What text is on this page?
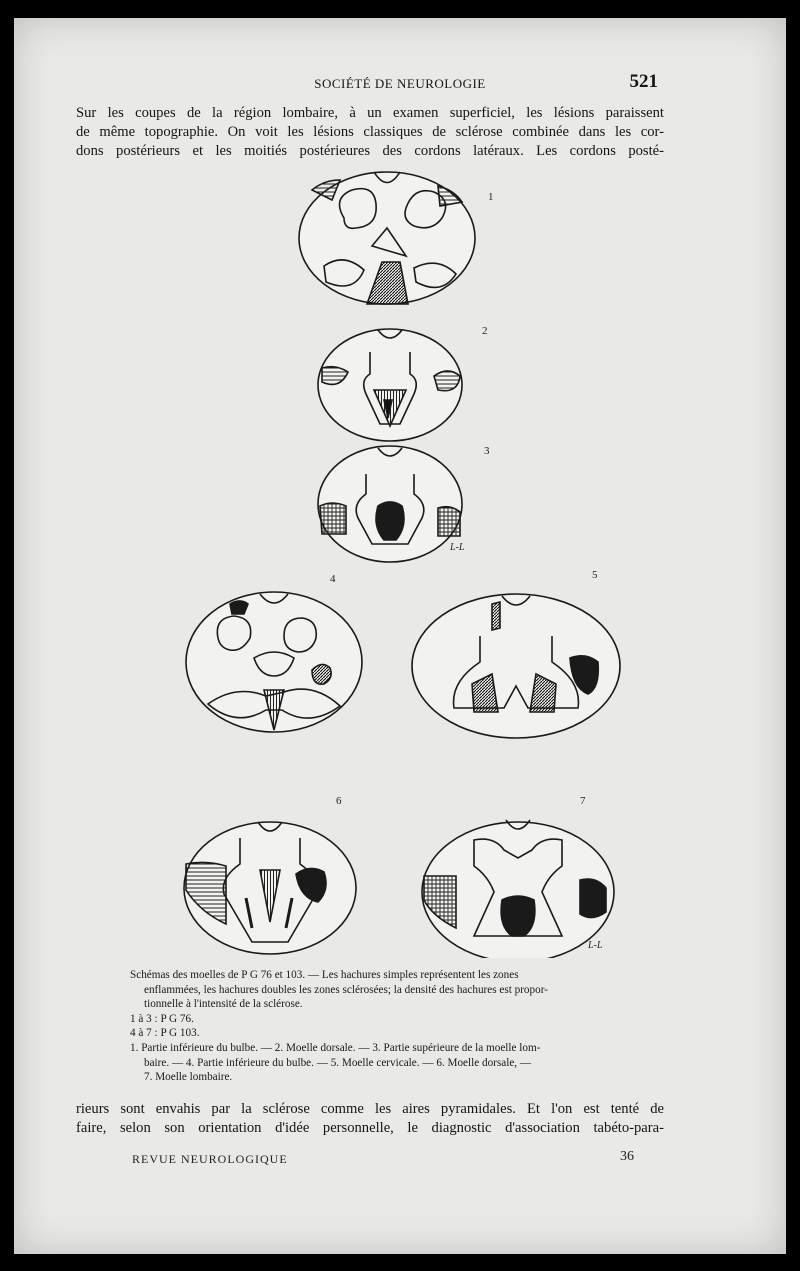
SOCIÉTÉ DE NEUROLOGIE	521

Sur les coupes de la région lombaire, à un examen superficiel, les lésions paraissent
de même topographie. On voit les lésions classiques de sclérose combinée dans les cor-
dons postérieurs et les moitiés postérieures des cordons latéraux. Les cordons posté-

1
2
3
L-L
4	5
6	7
L-L
Schémas des moelles de P G 76 et 103. — Les hachures simples représentent les zones
enflammées, les hachures doubles les zones sclérosées; la densité des hachures est propor-
tionnelle à l'intensité de la sclérose.
1 à 3 : P G 76.
4 à 7 : P G 103.
1. Partie inférieure du bulbe. — 2. Moelle dorsale. — 3. Partie supérieure de la moelle lom-
baire. — 4. Partie inférieure du bulbe. — 5. Moelle cervicale. — 6. Moelle dorsale, —
7. Moelle lombaire.

rieurs sont envahis par la sclérose comme les aires pyramidales. Et l'on est tenté de
faire, selon son orientation d'idée personnelle, le diagnostic d'association tabéto-para-

REVUE NEUROLOGIQUE	36
